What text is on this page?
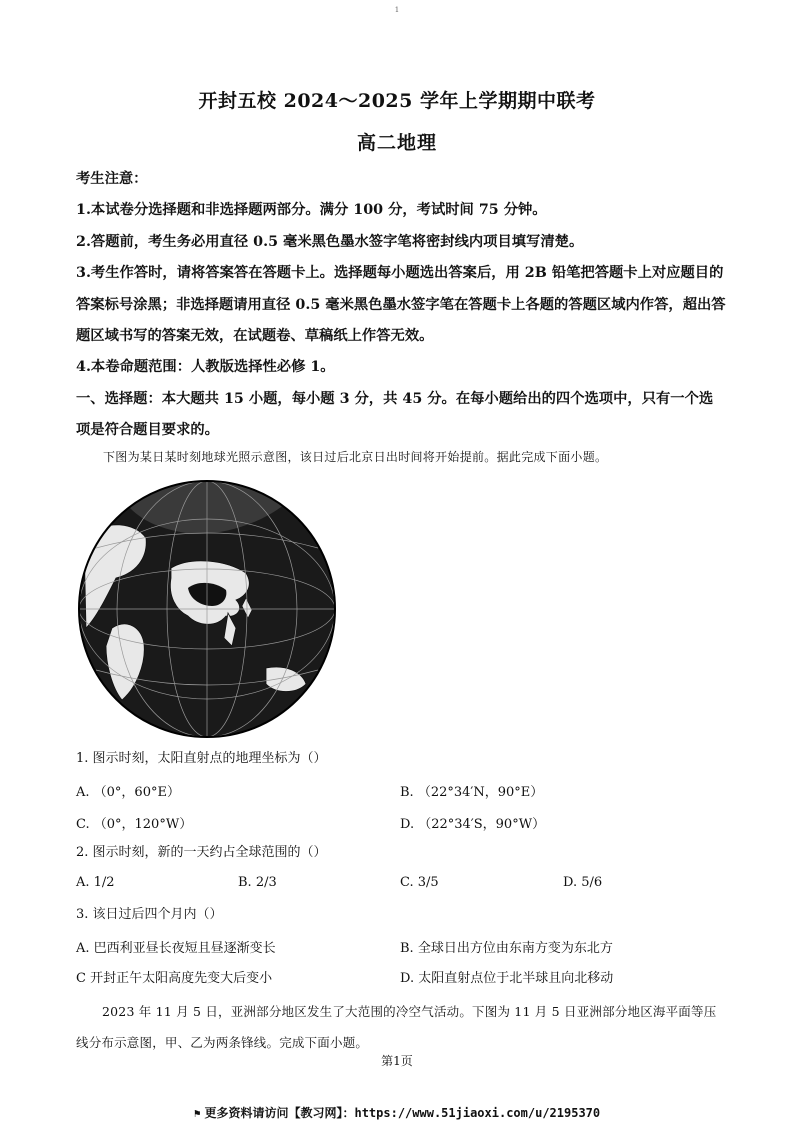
1
开封五校 2024～2025 学年上学期期中联考
高二地理

考生注意：

1.本试卷分选择题和非选择题两部分。满分 100 分，考试时间 75 分钟。

2.答题前，考生务必用直径 0.5 毫米黑色墨水签字笔将密封线内项目填写清楚。

3.考生作答时，请将答案答在答题卡上。选择题每小题选出答案后，用 2B 铅笔把答题卡上对应题目的答案标号涂黑；非选择题请用直径 0.5 毫米黑色墨水签字笔在答题卡上各题的答题区域内作答，超出答题区域书写的答案无效，在试题卷、草稿纸上作答无效。

4.本卷命题范围：人教版选择性必修 1。

一、选择题：本大题共 15 小题，每小题 3 分，共 45 分。在每小题给出的四个选项中，只有一个选项是符合题目要求的。

下图为某日某时刻地球光照示意图，该日过后北京日出时间将开始提前。据此完成下面小题。
1. 图示时刻，太阳直射点的地理坐标为（）
A. （0°，60°E）	B. （22°34′N，90°E）
C. （0°，120°W）	D. （22°34′S，90°W）
2. 图示时刻，新的一天约占全球范围的（）
A. 1/2	B. 2/3	C. 3/5	D. 5/6
3. 该日过后四个月内（）
A. 巴西利亚昼长夜短且昼逐渐变长	B. 全球日出方位由东南方变为东北方
C 开封正午太阳高度先变大后变小	D. 太阳直射点位于北半球且向北移动
2023 年 11 月 5 日，亚洲部分地区发生了大范围的冷空气活动。下图为 11 月 5 日亚洲部分地区海平面等压线分布示意图，甲、乙为两条锋线。完成下面小题。
第1页
⚑ 更多资料请访问【教习网】：https://www.51jiaoxi.com/u/2195370
